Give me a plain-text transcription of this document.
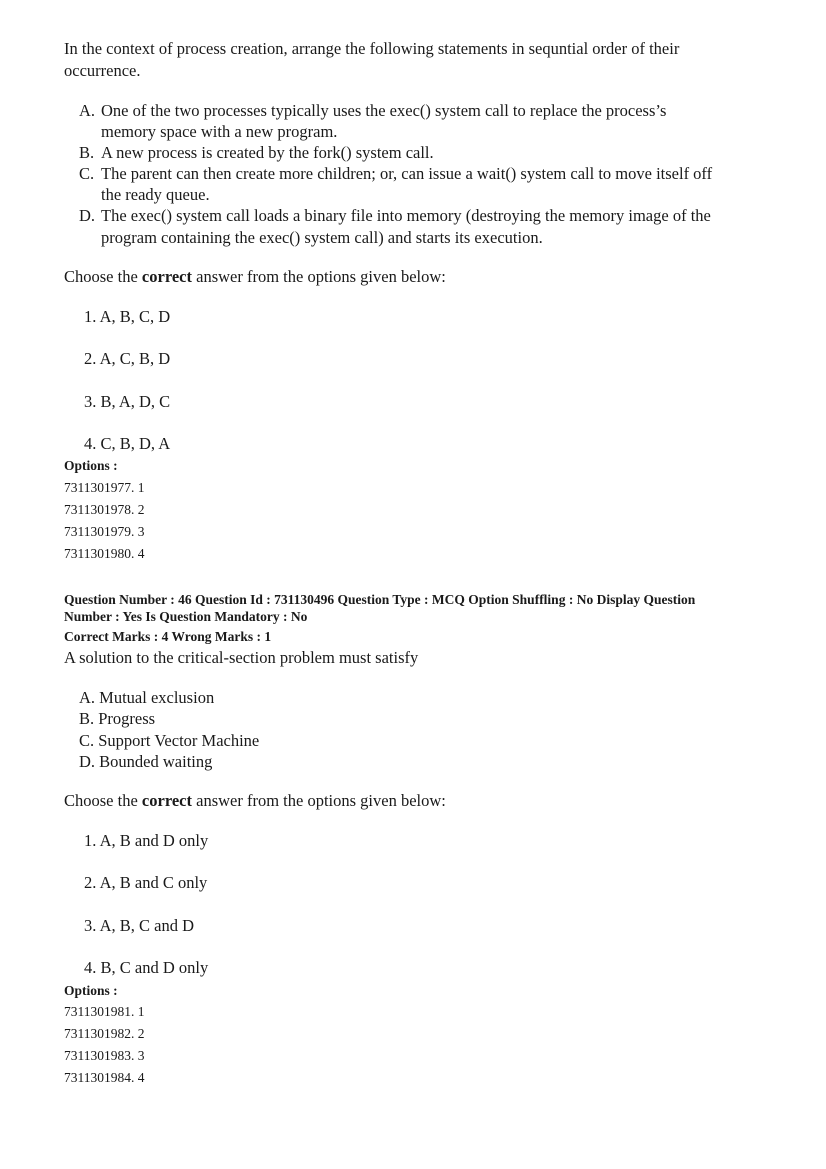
In the context of process creation, arrange the following statements in sequntial order of their
occurrence.
A. One of the two processes typically uses the exec() system call to replace the process’s
memory space with a new program.
B. A new process is created by the fork() system call.
C. The parent can then create more children; or, can issue a wait() system call to move itself off
the ready queue.
D. The exec() system call loads a binary file into memory (destroying the memory image of the
program containing the exec() system call) and starts its execution.
Choose the correct answer from the options given below:
1. A, B, C, D
2. A, C, B, D
3. B, A, D, C
4. C, B, D, A
Options :
7311301977. 1
7311301978. 2
7311301979. 3
7311301980. 4
Question Number : 46 Question Id : 731130496 Question Type : MCQ Option Shuffling : No Display Question
Number : Yes Is Question Mandatory : No
Correct Marks : 4 Wrong Marks : 1
A solution to the critical-section problem must satisfy
A. Mutual exclusion
B. Progress
C. Support Vector Machine
D. Bounded waiting
Choose the correct answer from the options given below:
1. A, B and D only
2. A, B and C only
3. A, B, C and D
4. B, C and D only
Options :
7311301981. 1
7311301982. 2
7311301983. 3
7311301984. 4
